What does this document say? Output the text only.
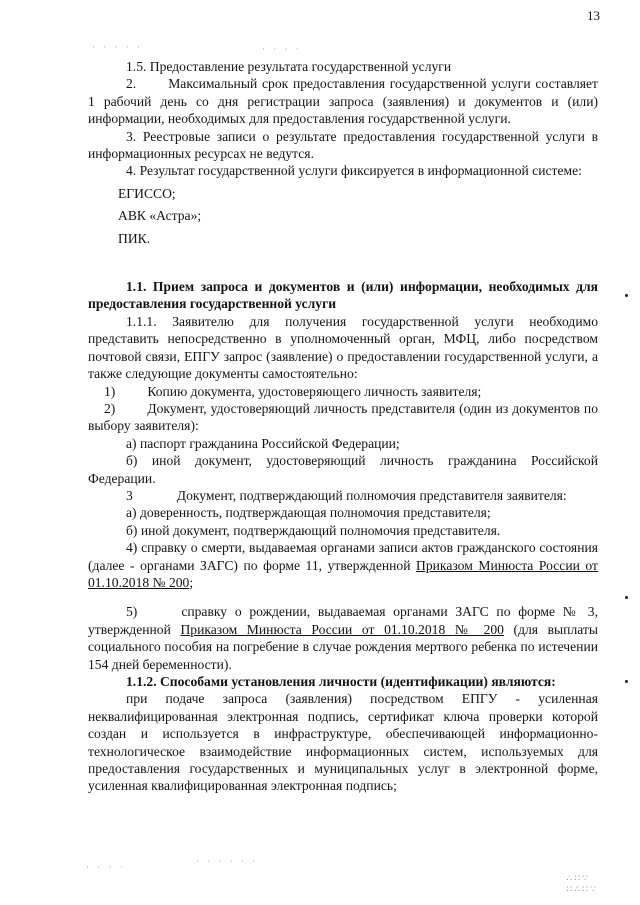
13
· · · · ·	· · · ·
· · · ·
· · · · · ·
∴ ∷ ∵
∷ ∴ ∷ ∵

1.5. Предоставление результата государственной услуги

2. Максимальный срок предоставления государственной услуги составляет 1 рабочий день со дня регистрации запроса (заявления) и документов и (или) информации, необходимых для предоставления государственной услуги.

3. Реестровые записи о результате предоставления государственной услуги в информационных ресурсах не ведутся.

4. Результат государственной услуги фиксируется в информационной системе:

ЕГИССО;

АВК «Астра»;

ПИК.

1.1. Прием запроса и документов и (или) информации, необходимых для предоставления государственной услуги

1.1.1. Заявителю для получения государственной услуги необходимо представить непосредственно в уполномоченный орган, МФЦ, либо посредством почтовой связи, ЕПГУ запрос (заявление) о предоставлении государственной услуги, а также следующие документы самостоятельно:

1) Копию документа, удостоверяющего личность заявителя;

2) Документ, удостоверяющий личность представителя (один из документов по выбору заявителя):

а) паспорт гражданина Российской Федерации;

б) иной документ, удостоверяющий личность гражданина Российской Федерации.

3	Документ, подтверждающий полномочия представителя заявителя:

а) доверенность, подтверждающая полномочия представителя;

б) иной документ, подтверждающий полномочия представителя.

4) справку о смерти, выдаваемая органами записи актов гражданского состояния (далее - органами ЗАГС) по форме 11, утвержденной Приказом Минюста России от 01.10.2018 № 200;

5)	справку о рождении, выдаваемая органами ЗАГС по форме № 3, утвержденной Приказом Минюста России от 01.10.2018 № 200 (для выплаты социального пособия на погребение в случае рождения мертвого ребенка по истечении 154 дней беременности).

1.1.2. Способами установления личности (идентификации) являются:

при подаче запроса (заявления) посредством ЕПГУ - усиленная неквалифицированная электронная подпись, сертификат ключа проверки которой создан и используется в инфраструктуре, обеспечивающей информационно-технологическое взаимодействие информационных систем, используемых для предоставления государственных и муниципальных услуг в электронной форме, усиленная квалифицированная электронная подпись;
